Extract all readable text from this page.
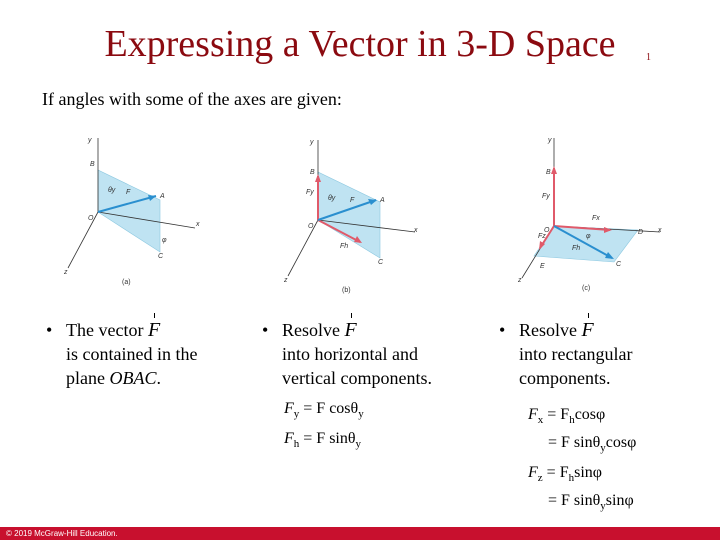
Expressing a Vector in 3-D Space	1
If angles with some of the axes are given:
y
B
θy F
A
O
x
φ
C
z
(a)
y
B
Fy
θy F	A
O
x
Fh
C
z
(b)
y
B
Fy
Fx
O
φ
D x
Fz
Fh
E	C
z
(c)
• The vector F
is contained in the plane OBAC.
• Resolve F
into horizontal and vertical components.
• Resolve F
into rectangular components.
$F_y = F$ cosθ$_y$
$F_h = F$ sinθ$_y$
$F_x = F_h\cos\varphi$
= F sinθ$_y$cosφ
$F_z = F_h\sin\varphi$
= F sinθ$_y$sinφ
© 2019 McGraw-Hill Education.
